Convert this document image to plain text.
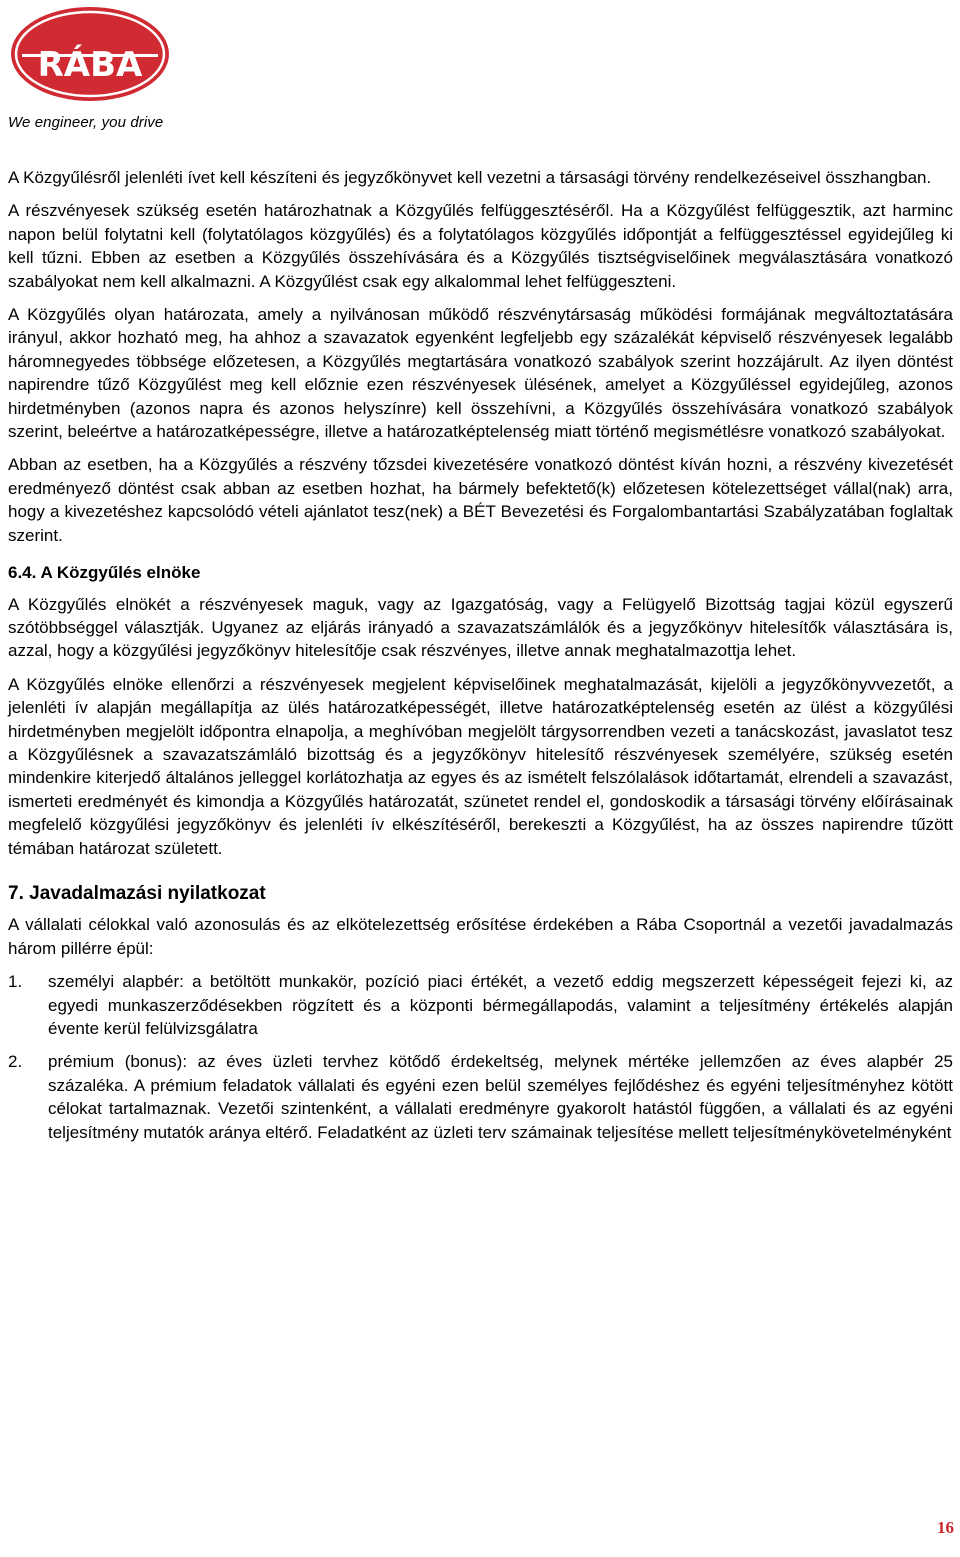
RÁBA
We engineer, you drive

A Közgyűlésről jelenléti ívet kell készíteni és jegyzőkönyvet kell vezetni a társasági törvény rendelkezéseivel összhangban.

A részvényesek szükség esetén határozhatnak a Közgyűlés felfüggesztéséről. Ha a Közgyűlést felfüggesztik, azt harminc napon belül folytatni kell (folytatólagos közgyűlés) és a folytatólagos közgyűlés időpontját a felfüggesztéssel egyidejűleg ki kell tűzni. Ebben az esetben a Közgyűlés összehívására és a Közgyűlés tisztségviselőinek megválasztására vonatkozó szabályokat nem kell alkalmazni. A Közgyűlést csak egy alkalommal lehet felfüggeszteni.

A Közgyűlés olyan határozata, amely a nyilvánosan működő részvénytársaság működési formájának megváltoztatására irányul, akkor hozható meg, ha ahhoz a szavazatok egyenként legfeljebb egy százalékát képviselő részvényesek legalább háromnegyedes többsége előzetesen, a Közgyűlés megtartására vonatkozó szabályok szerint hozzájárult. Az ilyen döntést napirendre tűző Közgyűlést meg kell előznie ezen részvényesek ülésének, amelyet a Közgyűléssel egyidejűleg, azonos hirdetményben (azonos napra és azonos helyszínre) kell összehívni, a Közgyűlés összehívására vonatkozó szabályok szerint, beleértve a határozatképességre, illetve a határozatképtelenség miatt történő megismétlésre vonatkozó szabályokat.

Abban az esetben, ha a Közgyűlés a részvény tőzsdei kivezetésére vonatkozó döntést kíván hozni, a részvény kivezetését eredményező döntést csak abban az esetben hozhat, ha bármely befektető(k) előzetesen kötelezettséget vállal(nak) arra, hogy a kivezetéshez kapcsolódó vételi ajánlatot tesz(nek) a BÉT Bevezetési és Forgalombantartási Szabályzatában foglaltak szerint.

6.4. A Közgyűlés elnöke

A Közgyűlés elnökét a részvényesek maguk, vagy az Igazgatóság, vagy a Felügyelő Bizottság tagjai közül egyszerű szótöbbséggel választják. Ugyanez az eljárás irányadó a szavazatszámlálók és a jegyzőkönyv hitelesítők választására is, azzal, hogy a közgyűlési jegyzőkönyv hitelesítője csak részvényes, illetve annak meghatalmazottja lehet.

A Közgyűlés elnöke ellenőrzi a részvényesek megjelent képviselőinek meghatalmazását, kijelöli a jegyzőkönyvvezetőt, a jelenléti ív alapján megállapítja az ülés határozatképességét, illetve határozatképtelenség esetén az ülést a közgyűlési hirdetményben megjelölt időpontra elnapolja, a meghívóban megjelölt tárgysorrendben vezeti a tanácskozást, javaslatot tesz a Közgyűlésnek a szavazatszámláló bizottság és a jegyzőkönyv hitelesítő részvényesek személyére, szükség esetén mindenkire kiterjedő általános jelleggel korlátozhatja az egyes és az ismételt felszólalások időtartamát, elrendeli a szavazást, ismerteti eredményét és kimondja a Közgyűlés határozatát, szünetet rendel el, gondoskodik a társasági törvény előírásainak megfelelő közgyűlési jegyzőkönyv és jelenléti ív elkészítéséről, berekeszti a Közgyűlést, ha az összes napirendre tűzött témában határozat született.

7. Javadalmazási nyilatkozat

A vállalati célokkal való azonosulás és az elkötelezettség erősítése érdekében a Rába Csoportnál a vezetői javadalmazás három pillérre épül:

1. személyi alapbér: a betöltött munkakör, pozíció piaci értékét, a vezető eddig megszerzett képességeit fejezi ki, az egyedi munkaszerződésekben rögzített és a központi bérmegállapodás, valamint a teljesítmény értékelés alapján évente kerül felülvizsgálatra
2. prémium (bonus): az éves üzleti tervhez kötődő érdekeltség, melynek mértéke jellemzően az éves alapbér 25 százaléka. A prémium feladatok vállalati és egyéni ezen belül személyes fejlődéshez és egyéni teljesítményhez kötött célokat tartalmaznak. Vezetői szintenként, a vállalati eredményre gyakorolt hatástól függően, a vállalati és az egyéni teljesítmény mutatók aránya eltérő. Feladatként az üzleti terv számainak teljesítése mellett teljesítménykövetelményként
16
